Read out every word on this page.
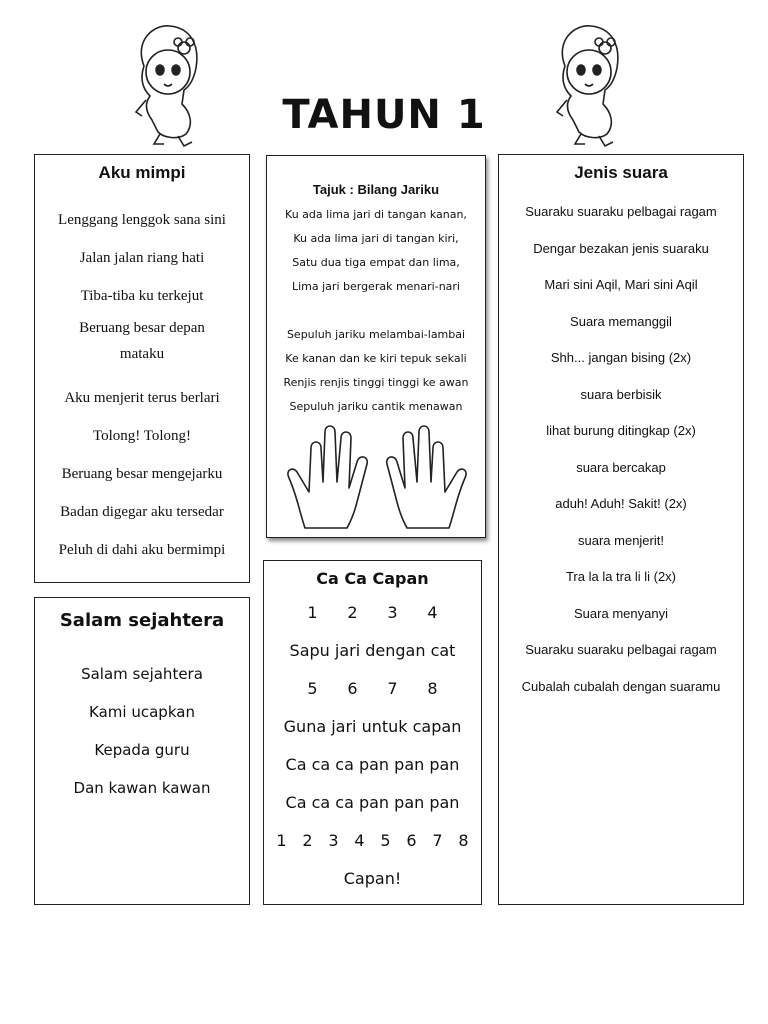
TAHUN 1
Aku mimpi
Lenggang lenggok sana sini
Jalan jalan riang hati
Tiba-tiba ku terkejut
Beruang besar depan mataku
Aku menjerit terus berlari
Tolong! Tolong!
Beruang besar mengejarku
Badan digegar aku tersedar
Peluh di dahi aku bermimpi
Salam sejahtera
Salam sejahtera
Kami ucapkan
Kepada guru
Dan kawan kawan
Tajuk : Bilang Jariku
Ku ada lima jari di tangan kanan,
Ku ada lima jari di tangan kiri,
Satu dua tiga empat dan lima,
Lima jari bergerak menari-nari
Sepuluh jariku melambai-lambai
Ke kanan dan ke kiri tepuk sekali
Renjis renjis tinggi tinggi ke awan
Sepuluh jariku cantik menawan
Ca Ca Capan
1	2	3	4
Sapu jari dengan cat
5	6	7	8
Guna jari untuk capan
Ca ca ca pan pan pan
Ca ca ca pan pan pan
1 2 3 4 5 6 7 8
Capan!
Jenis suara
Suaraku suaraku pelbagai ragam
Dengar bezakan jenis suaraku
Mari sini Aqil, Mari sini Aqil
Suara memanggil
Shh... jangan bising (2x)
suara berbisik
lihat burung ditingkap (2x)
suara bercakap
aduh! Aduh! Sakit! (2x)
suara menjerit!
Tra la la tra li li (2x)
Suara menyanyi
Suaraku suaraku pelbagai ragam
Cubalah cubalah dengan suaramu
